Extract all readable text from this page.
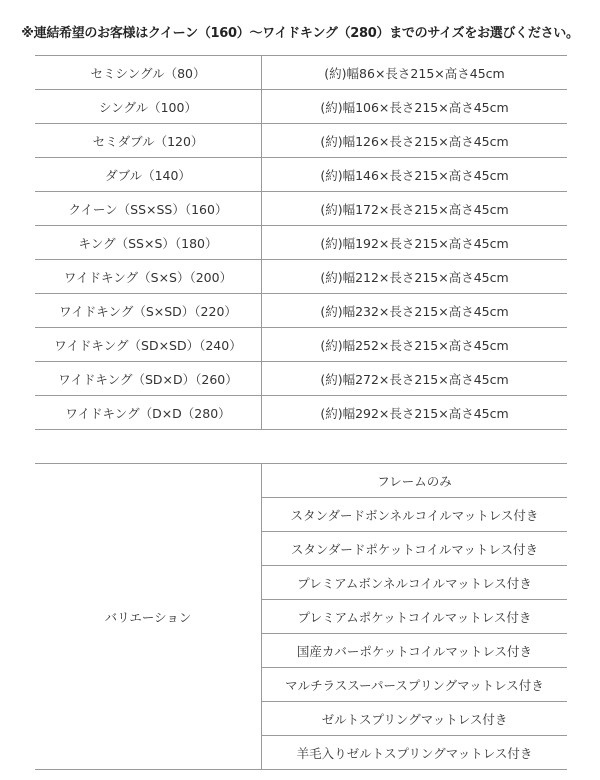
※連結希望のお客様はクイーン（160）～ワイドキング（280）までのサイズをお選びください。
セミシングル（80）	(約)幅86×長さ215×高さ45cm
シングル（100）	(約)幅106×長さ215×高さ45cm
セミダブル（120）	(約)幅126×長さ215×高さ45cm
ダブル（140）	(約)幅146×長さ215×高さ45cm
クイーン（SS×SS）（160）	(約)幅172×長さ215×高さ45cm
キング（SS×S）（180）	(約)幅192×長さ215×高さ45cm
ワイドキング（S×S）（200）	(約)幅212×長さ215×高さ45cm
ワイドキング（S×SD）（220）	(約)幅232×長さ215×高さ45cm
ワイドキング（SD×SD）（240）	(約)幅252×長さ215×高さ45cm
ワイドキング（SD×D）（260）	(約)幅272×長さ215×高さ45cm
ワイドキング（D×D（280）	(約)幅292×長さ215×高さ45cm
バリエーション	フレームのみ
スタンダードボンネルコイルマットレス付き
スタンダードポケットコイルマットレス付き
プレミアムボンネルコイルマットレス付き
プレミアムポケットコイルマットレス付き
国産カバーポケットコイルマットレス付き
マルチラススーパースプリングマットレス付き
ゼルトスプリングマットレス付き
羊毛入りゼルトスプリングマットレス付き
